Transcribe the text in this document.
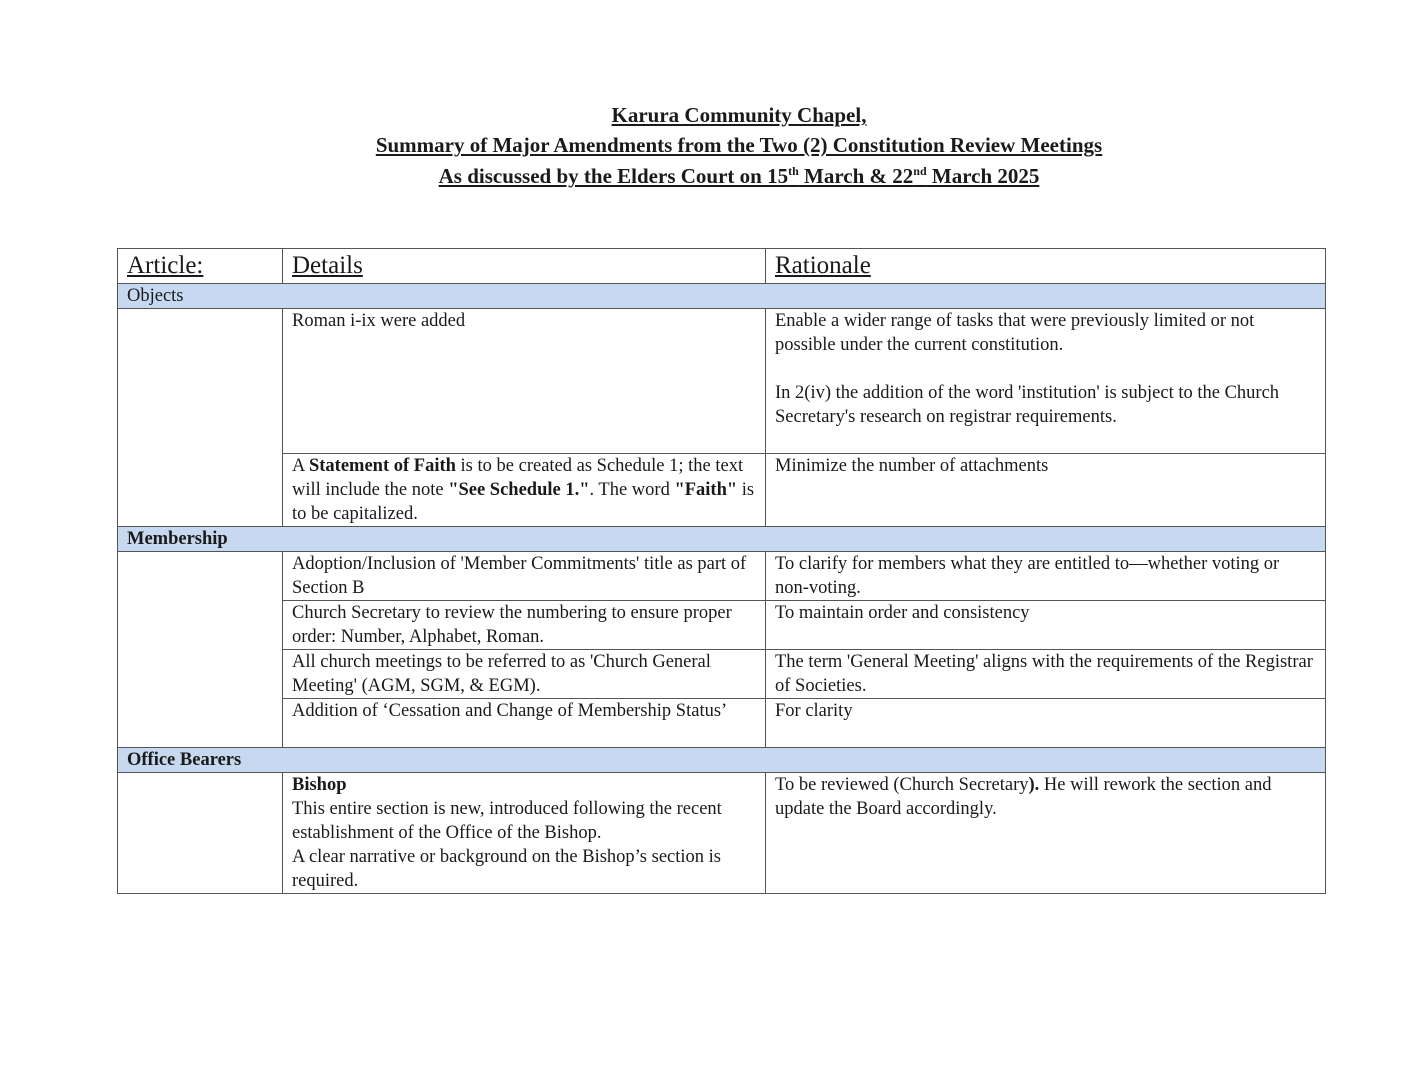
Karura Community Chapel,
Summary of Major Amendments from the Two (2) Constitution Review Meetings
As discussed by the Elders Court on 15th March & 22nd March 2025
Article:	Details	Rationale
Objects		
	Roman i-ix were added	Enable a wider range of tasks that were previously limited or not possible under the current constitution.
In 2(iv) the addition of the word 'institution' is subject to the Church Secretary's research on registrar requirements.

	A Statement of Faith is to be created as Schedule 1; the text will include the note "See Schedule 1.". The word "Faith" is to be capitalized.	Minimize the number of attachments
Membership		
	Adoption/Inclusion of 'Member Commitments' title as part of Section B	To clarify for members what they are entitled to—whether voting or non-voting.
	Church Secretary to review the numbering to ensure proper order: Number, Alphabet, Roman.	To maintain order and consistency
	All church meetings to be referred to as 'Church General Meeting' (AGM, SGM, & EGM).	The term 'General Meeting' aligns with the requirements of the Registrar of Societies.
	Addition of ‘Cessation and Change of Membership Status’	For clarity
Office Bearers		

	Bishop
This entire section is new, introduced following the recent establishment of the Office of the Bishop.
A clear narrative or background on the Bishop’s section is required.	To be reviewed (Church Secretary). He will rework the section and update the Board accordingly.
